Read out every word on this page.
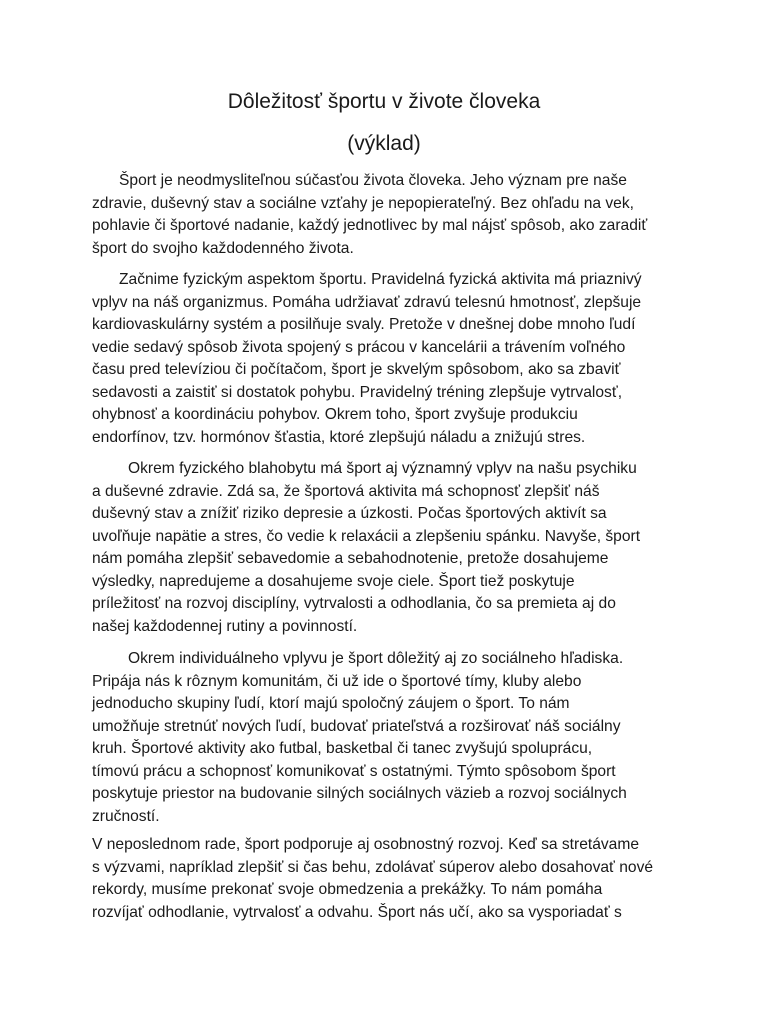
Dôležitosť športu v živote človeka
(výklad)

Šport je neodmysliteľnou súčasťou života človeka. Jeho význam pre naše
zdravie, duševný stav a sociálne vzťahy je nepopierateľný. Bez ohľadu na vek,
pohlavie či športové nadanie, každý jednotlivec by mal nájsť spôsob, ako zaradiť
šport do svojho každodenného života.

Začnime fyzickým aspektom športu. Pravidelná fyzická aktivita má priaznivý
vplyv na náš organizmus. Pomáha udržiavať zdravú telesnú hmotnosť, zlepšuje
kardiovaskulárny systém a posilňuje svaly. Pretože v dnešnej dobe mnoho ľudí
vedie sedavý spôsob života spojený s prácou v kancelárii a trávením voľného
času pred televíziou či počítačom, šport je skvelým spôsobom, ako sa zbaviť
sedavosti a zaistiť si dostatok pohybu. Pravidelný tréning zlepšuje vytrvalosť,
ohybnosť a koordináciu pohybov. Okrem toho, šport zvyšuje produkciu
endorfínov, tzv. hormónov šťastia, ktoré zlepšujú náladu a znižujú stres.

Okrem fyzického blahobytu má šport aj významný vplyv na našu psychiku
a duševné zdravie. Zdá sa, že športová aktivita má schopnosť zlepšiť náš
duševný stav a znížiť riziko depresie a úzkosti. Počas športových aktivít sa
uvoľňuje napätie a stres, čo vedie k relaxácii a zlepšeniu spánku. Navyše, šport
nám pomáha zlepšiť sebavedomie a sebahodnotenie, pretože dosahujeme
výsledky, napredujeme a dosahujeme svoje ciele. Šport tiež poskytuje
príležitosť na rozvoj disciplíny, vytrvalosti a odhodlania, čo sa premieta aj do
našej každodennej rutiny a povinností.

Okrem individuálneho vplyvu je šport dôležitý aj zo sociálneho hľadiska.
Pripája nás k rôznym komunitám, či už ide o športové tímy, kluby alebo
jednoducho skupiny ľudí, ktorí majú spoločný záujem o šport. To nám
umožňuje stretnúť nových ľudí, budovať priateľstvá a rozširovať náš sociálny
kruh. Športové aktivity ako futbal, basketbal či tanec zvyšujú spoluprácu,
tímovú prácu a schopnosť komunikovať s ostatnými. Týmto spôsobom šport
poskytuje priestor na budovanie silných sociálnych väzieb a rozvoj sociálnych
zručností.

V neposlednom rade, šport podporuje aj osobnostný rozvoj. Keď sa stretávame
s výzvami, napríklad zlepšiť si čas behu, zdolávať súperov alebo dosahovať nové
rekordy, musíme prekonať svoje obmedzenia a prekážky. To nám pomáha
rozvíjať odhodlanie, vytrvalosť a odvahu. Šport nás učí, ako sa vysporiadať s
